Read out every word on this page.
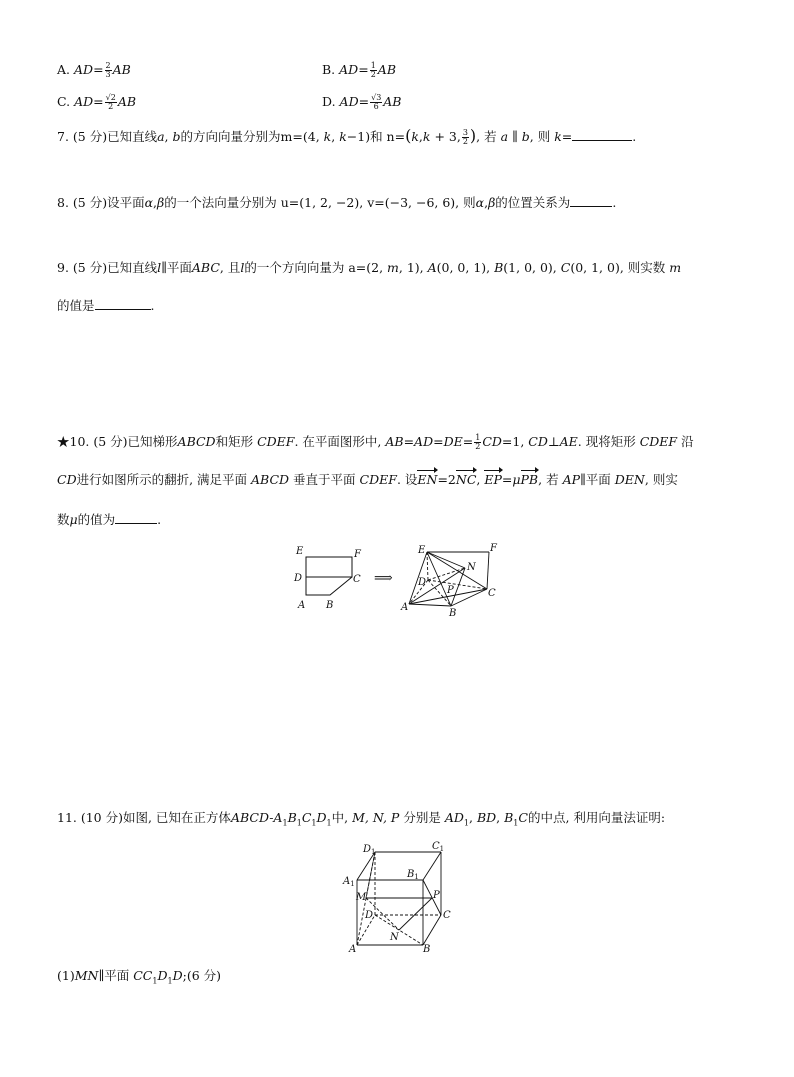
A. $AD= \frac{2}{3}$ AB	B. $AD= \frac{1}{2}$ AB
C. $AD= \frac{√2}{2}$ AB	D. $AD= \frac{√3}{6}$ AB
7. (5 分)已知直线a, b的方向向量分别为m=(4, k, k−1)和 n=(k,k + 3, $\frac{3}{2}$ ), 若 a ∥ b, 则 k=	.
8. (5 分)设平面α,β的一个法向量分别为 u=(1, 2, −2), v=(−3, −6, 6), 则α,β的位置关系为	.
9. (5 分)已知直线l∥平面ABC, 且l的一个方向向量为 a=(2, m, 1), A(0, 0, 1), B(1, 0, 0), C(0, 1, 0), 则实数 m
的值是	.
★10. (5 分)已知梯形ABCD和矩形 CDEF. 在平面图形中, $AB=AD=DE= \frac{1}{2} CD=1$, CD⊥AE. 现将矩形 CDEF 沿
CD进行如图所示的翻折, 满足平面 ABCD 垂直于平面 CDEF. 设EN=2NC, EP=μPB, 若 AP∥平面 DEN, 则实
数μ的值为	.
E	F
D	C
A B
⟹
E	F
D
N
P	C
A
B
11. (10 分)如图, 已知在正方体ABCD-$A_1B_1C_1D_1$中, M, N, P 分别是 $AD_1$, BD, $B_1C$的中点, 利用向量法证明:
$D_1$	$C_1$
$A_1$
$B_1$
M	P
D	C
A
N
B
(1)MN∥平面 $CC_1D_1D;(6$ 分)
